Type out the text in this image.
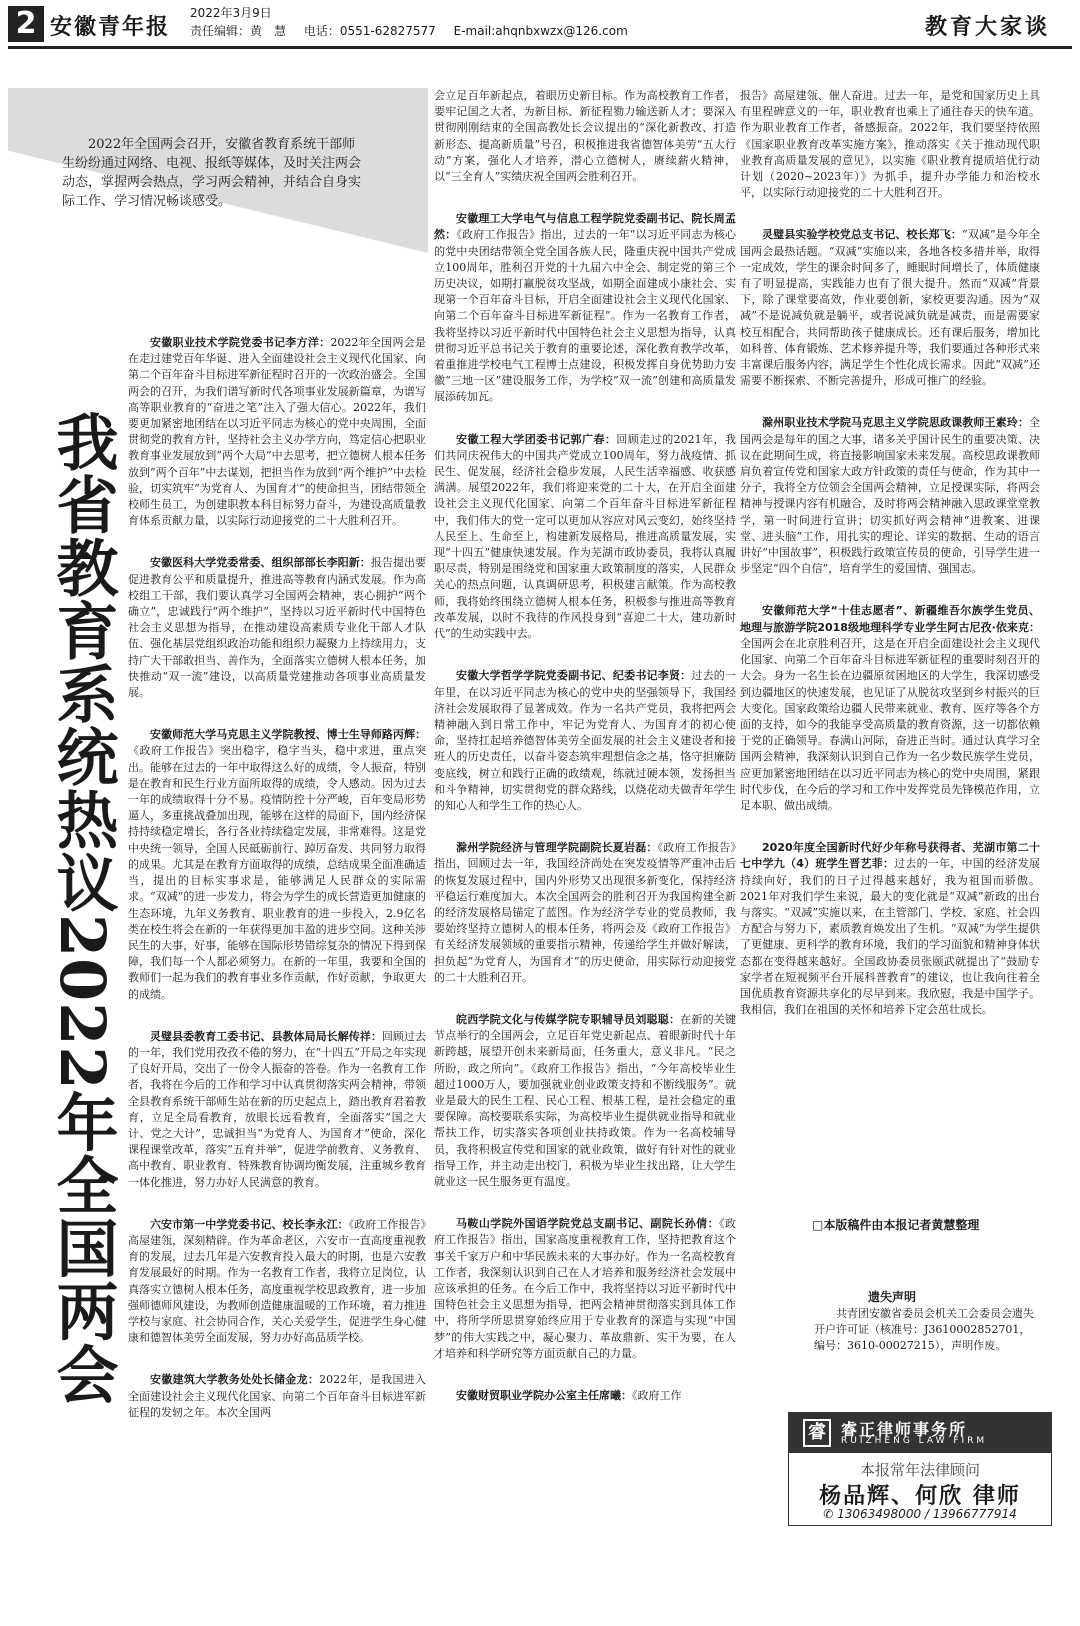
2 安徽青年报
2022年3月9日
责任编辑：黄　慧 电话：0551-62827577 E-mail:ahqnbxwzx@126.com	教育大家谈
2022年全国两会召开，安徽省教育系统干部师生纷纷通过网络、电视、报纸等媒体，及时关注两会动态，掌握两会热点，学习两会精神，并结合自身实际工作、学习情况畅谈感受。
我省教育系统热议2022年全国两会

安徽职业技术学院党委书记李方洋：2022年全国两会是在走过建党百年华诞、进入全面建设社会主义现代化国家、向第二个百年奋斗目标进军新征程时召开的一次政治盛会。全国两会的召开，为我们谱写新时代各项事业发展新篇章，为谱写高等职业教育的“奋进之笔”注入了强大信心。2022年，我们要更加紧密地团结在以习近平同志为核心的党中央周围，全面贯彻党的教育方针，坚持社会主义办学方向，笃定信心把职业教育事业发展放到“两个大局”中去思考，把立德树人根本任务放到“两个百年”中去谋划，把担当作为放到“两个维护”中去检验，切实筑牢“为党育人、为国育才”的使命担当，团结带领全校师生员工，为创建职教本科目标努力奋斗，为建设高质量教育体系贡献力量，以实际行动迎接党的二十大胜利召开。

安徽医科大学党委常委、组织部部长李阳新：报告提出要促进教育公平和质量提升，推进高等教育内涵式发展。作为高校组工干部，我们要认真学习全国两会精神，衷心拥护“两个确立”，忠诚践行“两个维护”，坚持以习近平新时代中国特色社会主义思想为指导，在推动建设高素质专业化干部人才队伍、强化基层党组织政治功能和组织力凝聚力上持续用力，支持广大干部敢担当、善作为，全面落实立德树人根本任务，加快推动“双一流”建设，以高质量党建推动各项事业高质量发展。

安徽师范大学马克思主义学院教授、博士生导师路丙辉：《政府工作报告》突出稳字，稳字当头，稳中求进，重点突出。能够在过去的一年中取得这么好的成绩，令人振奋，特别是在教育和民生行业方面所取得的成绩，令人感动。因为过去一年的成绩取得十分不易。疫情防控十分严峻，百年变局形势逼人，多重挑战叠加出现，能够在这样的局面下，国内经济保持持续稳定增长，各行各业持续稳定发展，非常难得。这是党中央统一领导，全国人民砥砺前行、踔厉奋发、共同努力取得的成果。尤其是在教育方面取得的成绩，总结成果全面准确适当，提出的目标实事求是，能够满足人民群众的实际需求。“双减”的进一步发力，将会为学生的成长营造更加健康的生态环境，九年义务教育、职业教育的进一步投入，2.9亿名类在校生将会在新的一年获得更加丰盈的进步空间。这种关涉民生的大事，好事，能够在国际形势错综复杂的情况下得到保障，我们每一个人都必须努力。在新的一年里，我要和全国的教师们一起为我们的教育事业多作贡献，作好贡献，争取更大的成绩。

灵璧县委教育工委书记、县教体局局长解传祥：回顾过去的一年，我们党用孜孜不倦的努力，在“十四五”开局之年实现了良好开局，交出了一份令人振奋的答卷。作为一名教育工作者，我将在今后的工作和学习中认真贯彻落实两会精神，带领全县教育系统干部师生站在新的历史起点上，踏出教育君着教育，立足全局看教育，放眼长远看教育，全面落实“国之大计、党之大计”，忠诚担当“为党育人、为国育才”使命，深化课程课堂改革，落实“五育并举”，促进学前教育、义务教育、高中教育、职业教育、特殊教育协调均衡发展，注重城乡教育一体化推进，努力办好人民满意的教育。

六安市第一中学党委书记、校长李永江：《政府工作报告》高屋建瓴，深刻精辟。作为革命老区，六安市一直高度重视教育的发展，过去几年是六安教育投入最大的时期，也是六安教育发展最好的时期。作为一名教育工作者，我将立足岗位，认真落实立德树人根本任务，高度重视学校思政教育，进一步加强师德师风建设，为教师创造健康温暖的工作环境，着力推进学校与家庭、社会协同合作，关心关爱学生，促进学生身心健康和德智体美劳全面发展，努力办好高品质学校。

安徽建筑大学教务处处长储金龙：2022年，是我国进入全面建设社会主义现代化国家、向第二个百年奋斗目标进军新征程的发轫之年。本次全国两

会立足百年新起点，着眼历史新目标。作为高校教育工作者，要牢记国之大者，为新目标、新征程勠力输送新人才；要深入贯彻刚刚结束的全国高教处长会议提出的“深化新教改、打造新形态、提高新质量”号召，积极推进我省德智体美劳“五大行动”方案，强化人才培养，潜心立德树人，赓续薪火精神，以“三全育人”实绩庆祝全国两会胜利召开。

安徽理工大学电气与信息工程学院党委副书记、院长周孟然：《政府工作报告》指出，过去的一年“以习近平同志为核心的党中央团结带领全党全国各族人民，隆重庆祝中国共产党成立100周年，胜利召开党的十九届六中全会、制定党的第三个历史决议，如期打赢脱贫攻坚战，如期全面建成小康社会、实现第一个百年奋斗目标，开启全面建设社会主义现代化国家、向第二个百年奋斗目标进军新征程”。作为一名教育工作者，我将坚持以习近平新时代中国特色社会主义思想为指导，认真贯彻习近平总书记关于教育的重要论述，深化教育教学改革，着重推进学校电气工程博士点建设，积极发挥自身优势助力安徽“三地一区”建设服务工作，为学校“双一流”创建和高质量发展添砖加瓦。

安徽工程大学团委书记郭广春：回顾走过的2021年，我们共同庆祝伟大的中国共产党成立100周年，努力战疫情、抓民生、促发展，经济社会稳步发展，人民生活幸福感、收获感满满。展望2022年，我们将迎来党的二十大，在开启全面建设社会主义现代化国家、向第二个百年奋斗目标进军新征程中，我们伟大的党一定可以更加从容应对风云变幻，始终坚持人民至上、生命至上，构建新发展格局，推进高质量发展，实现“十四五”健康快速发展。作为芜湖市政协委员，我将认真履职尽责，特别是围绕党和国家重大政策制度的落实，人民群众关心的热点问题，认真调研思考，积极建言献策。作为高校教师，我将始终围绕立德树人根本任务，积极参与推进高等教育改革发展，以时不我待的作风投身到“喜迎二十大，建功新时代”的生动实践中去。

安徽大学哲学学院党委副书记、纪委书记李贤：过去的一年里，在以习近平同志为核心的党中央的坚强领导下，我国经济社会发展取得了显著成效。作为一名共产党员，我将把两会精神融入到日常工作中，牢记为党育人、为国育才的初心使命，坚持扛起培养德智体美劳全面发展的社会主义建设者和接班人的历史责任，以奋斗姿态筑牢理想信念之基，恪守担廉防变底线，树立和践行正确的政绩观，练就过硬本领，发扬担当和斗争精神，切实贯彻党的群众路线，以烧花动夫做青年学生的知心人和学生工作的热心人。

滁州学院经济与管理学院副院长夏岩磊：《政府工作报告》指出，回顾过去一年，我国经济尚处在突发疫情等严重冲击后的恢复发展过程中，国内外形势又出现很多新变化，保持经济平稳运行难度加大。本次全国两会的胜利召开为我国构建全新的经济发展格局锚定了蓝图。作为经济学专业的党员教师，我要始终坚持立德树人的根本任务，将两会及《政府工作报告》有关经济发展领域的重要指示精神，传递给学生并做好解读，担负起“为党育人，为国育才”的历史使命，用实际行动迎接党的二十大胜利召开。

皖西学院文化与传媒学院专职辅导员刘聪聪：在新的关键节点举行的全国两会，立足百年党史新起点、着眼新时代十年新跨越，展望开创未来新局面，任务重大，意义非凡。“民之所盼，政之所向”。《政府工作报告》指出，“今年高校毕业生超过1000万人，要加强就业创业政策支持和不断线服务”。就业是最大的民生工程、民心工程、根基工程，是社会稳定的重要保障。高校要联系实际，为高校毕业生提供就业指导和就业帮扶工作，切实落实各项创业扶持政策。作为一名高校辅导员，我将积极宣传党和国家的就业政策，做好有针对性的就业指导工作，并主动走出校门，积极为毕业生找出路，让大学生就业这一民生服务更有温度。

马鞍山学院外国语学院党总支副书记、副院长孙倩：《政府工作报告》指出，国家高度重视教育工作，坚持把教育这个事关千家万户和中华民族未来的大事办好。作为一名高校教育工作者，我深刻认识到自己在人才培养和服务经济社会发展中应该承担的任务。在今后工作中，我将坚持以习近平新时代中国特色社会主义思想为指导，把两会精神贯彻落实到具体工作中，将所学所思贯穿始终应用于专业教育的深造与实现“中国梦”的伟大实践之中，凝心聚力、革故鼎新、实干为要，在人才培养和科学研究等方面贡献自己的力量。

安徽财贸职业学院办公室主任席曦：《政府工作

报告》高屋建瓴、催人奋进。过去一年，是党和国家历史上具有里程碑意义的一年，职业教育也乘上了通往春天的快车道。作为职业教育工作者，备感振奋。2022年，我们要坚持依照《国家职业教育改革实施方案》，推动落实《关于推动现代职业教育高质量发展的意见》，以实施《职业教育提质培优行动计划（2020~2023年）》为抓手，提升办学能力和治校水平，以实际行动迎接党的二十大胜利召开。

灵璧县实验学校党总支书记、校长郑飞：“双减”是今年全国两会最热话题。“双减”实施以来，各地各校多措并举，取得一定成效，学生的课余时间多了，睡眠时间增长了，体质健康有了明显提高，实践能力也有了很大提升。然而“双减”背景下，除了课堂要高效，作业要创新，家校更要沟通。因为“双减”不是说减负就是躺平，或者说减负就是减责，而是需要家校互相配合，共同帮助孩子健康成长。还有课后服务，增加比如科普、体育锻炼、艺术修养提升等，我们要通过各种形式来丰富课后服务内容，满足学生个性化成长需求。因此“双减”还需要不断探索、不断完善提升，形成可推广的经验。

滁州职业技术学院马克思主义学院思政课教师王素玲：全国两会是每年的国之大事，诸多关乎国计民生的重要决策、决议在此期间生成，将直接影响国家未来发展。高校思政课教师肩负着宣传党和国家大政方针政策的责任与使命，作为其中一分子，我将全方位领会全国两会精神，立足授课实际，将两会精神与授课内容有机融合，及时将两会精神融入思政课堂堂教学，第一时间进行宣讲；切实抓好两会精神“进教案、进课堂、进头脑”工作，用扎实的理论、详实的数据、生动的语言讲好“中国故事”，积极践行政策宣传员的使命，引导学生进一步坚定“四个自信”，培育学生的爱国情、强国志。

安徽师范大学“十佳志愿者”、新疆维吾尔族学生党员、地理与旅游学院2018级地理科学专业学生阿古尼孜·依来克：全国两会在北京胜利召开，这是在开启全面建设社会主义现代化国家、向第二个百年奋斗目标进军新征程的重要时刻召开的大会。身为一名生长在边疆原贫困地区的大学生，我深切感受到边疆地区的快速发展，也见证了从脱贫攻坚到乡村振兴的巨大变化。国家政策给边疆人民带来就业、教育、医疗等各个方面的支持，如今的我能享受高质量的教育资源，这一切都依赖于党的正确领导。春满山河际，奋进正当时。通过认真学习全国两会精神，我深刻认识到自己作为一名少数民族学生党员，应更加紧密地团结在以习近平同志为核心的党中央周围，紧跟时代步伐，在今后的学习和工作中发挥党员先锋模范作用，立足本职、做出成绩。

2020年度全国新时代好少年称号获得者、芜湖市第二十七中学九（4）班学生晋艺菲：过去的一年，中国的经济发展持续向好，我们的日子过得越来越好，我为祖国而骄傲。2021年对我们学生来说，最大的变化就是“双减”新政的出台与落实。“双减”实施以来，在主管部门、学校、家庭、社会四方配合与努力下，素质教育焕发出了生机。“双减”为学生提供了更健康、更科学的教育环境，我们的学习面貌和精神身体状态都在变得越来越好。全国政协委员张颐武就提出了“鼓励专家学者在短视频平台开展科普教育”的建议，也让我向往着全国优质教育资源共享化的尽早到来。我欣慰，我是中国学子。我相信，我们在祖国的关怀和培养下定会茁壮成长。

□本版稿件由本报记者黄慧整理
遗失声明
共青团安徽省委员会机关工会委员会遗失开户许可证（核准号：J3610002852701，编号：3610-00027215），声明作废。
睿 睿正律师事务所
RUIZHENG LAW FIRM
本报常年法律顾问
杨品辉、何欣 律师
✆ 13063498000 / 13966777914
